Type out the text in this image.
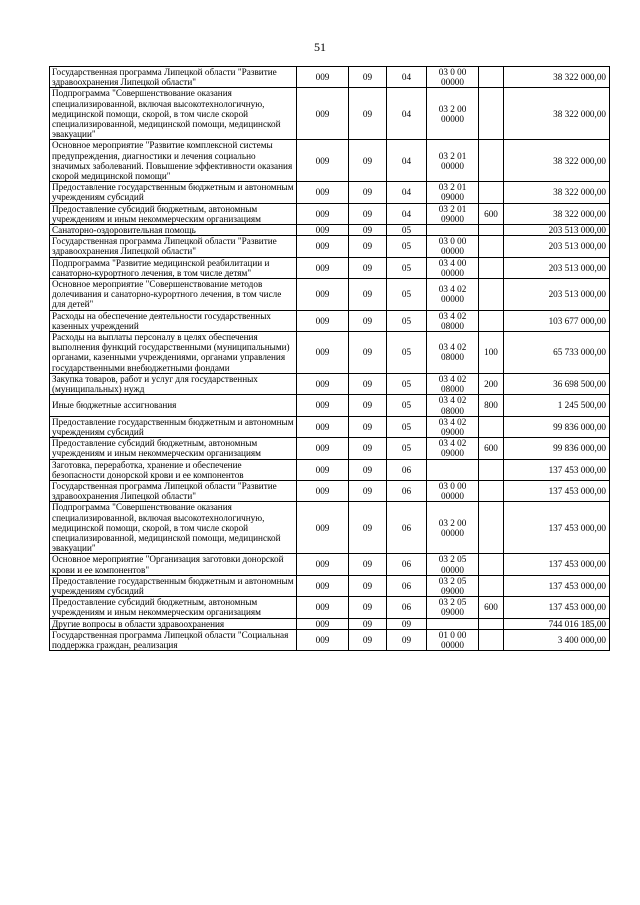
51
Государственная программа Липецкой области "Развитие здравоохранения Липецкой области"	009	09	04	03 0 00 00000		38 322 000,00
Подпрограмма "Совершенствование оказания специализированной, включая высокотехнологичную, медицинской помощи, скорой, в том числе скорой специализированной, медицинской помощи, медицинской эвакуации"	009	09	04	03 2 00 00000		38 322 000,00
Основное мероприятие "Развитие комплексной системы предупреждения, диагностики и лечения социально значимых заболеваний. Повышение эффективности оказания скорой медицинской помощи"	009	09	04	03 2 01 00000		38 322 000,00
Предоставление государственным бюджетным и автономным учреждениям субсидий	009	09	04	03 2 01 09000		38 322 000,00
Предоставление субсидий бюджетным, автономным учреждениям и иным некоммерческим организациям	009	09	04	03 2 01 09000	600	38 322 000,00
Санаторно-оздоровительная помощь	009	09	05			203 513 000,00
Государственная программа Липецкой области "Развитие здравоохранения Липецкой области"	009	09	05	03 0 00 00000		203 513 000,00
Подпрограмма "Развитие медицинской реабилитации и санаторно-курортного лечения, в том числе детям"	009	09	05	03 4 00 00000		203 513 000,00
Основное мероприятие "Совершенствование методов долечивания и санаторно-курортного лечения, в том числе для детей"	009	09	05	03 4 02 00000		203 513 000,00
Расходы на обеспечение деятельности государственных казенных учреждений	009	09	05	03 4 02 08000		103 677 000,00
Расходы на выплаты персоналу в целях обеспечения выполнения функций государственными (муниципальными) органами, казенными учреждениями, органами управления государственными внебюджетными фондами	009	09	05	03 4 02 08000	100	65 733 000,00
Закупка товаров, работ и услуг для государственных (муниципальных) нужд	009	09	05	03 4 02 08000	200	36 698 500,00
Иные бюджетные ассигнования	009	09	05	03 4 02 08000	800	1 245 500,00
Предоставление государственным бюджетным и автономным учреждениям субсидий	009	09	05	03 4 02 09000		99 836 000,00
Предоставление субсидий бюджетным, автономным учреждениям и иным некоммерческим организациям	009	09	05	03 4 02 09000	600	99 836 000,00
Заготовка, переработка, хранение и обеспечение безопасности донорской крови и ее компонентов	009	09	06			137 453 000,00
Государственная программа Липецкой области "Развитие здравоохранения Липецкой области"	009	09	06	03 0 00 00000		137 453 000,00
Подпрограмма "Совершенствование оказания специализированной, включая высокотехнологичную, медицинской помощи, скорой, в том числе скорой специализированной, медицинской помощи, медицинской эвакуации"	009	09	06	03 2 00 00000		137 453 000,00
Основное мероприятие "Организация заготовки донорской крови и ее компонентов"	009	09	06	03 2 05 00000		137 453 000,00
Предоставление государственным бюджетным и автономным учреждениям субсидий	009	09	06	03 2 05 09000		137 453 000,00
Предоставление субсидий бюджетным, автономным учреждениям и иным некоммерческим организациям	009	09	06	03 2 05 09000	600	137 453 000,00
Другие вопросы в области здравоохранения	009	09	09			744 016 185,00
Государственная программа Липецкой области "Социальная поддержка граждан, реализация	009	09	09	01 0 00 00000		3 400 000,00
